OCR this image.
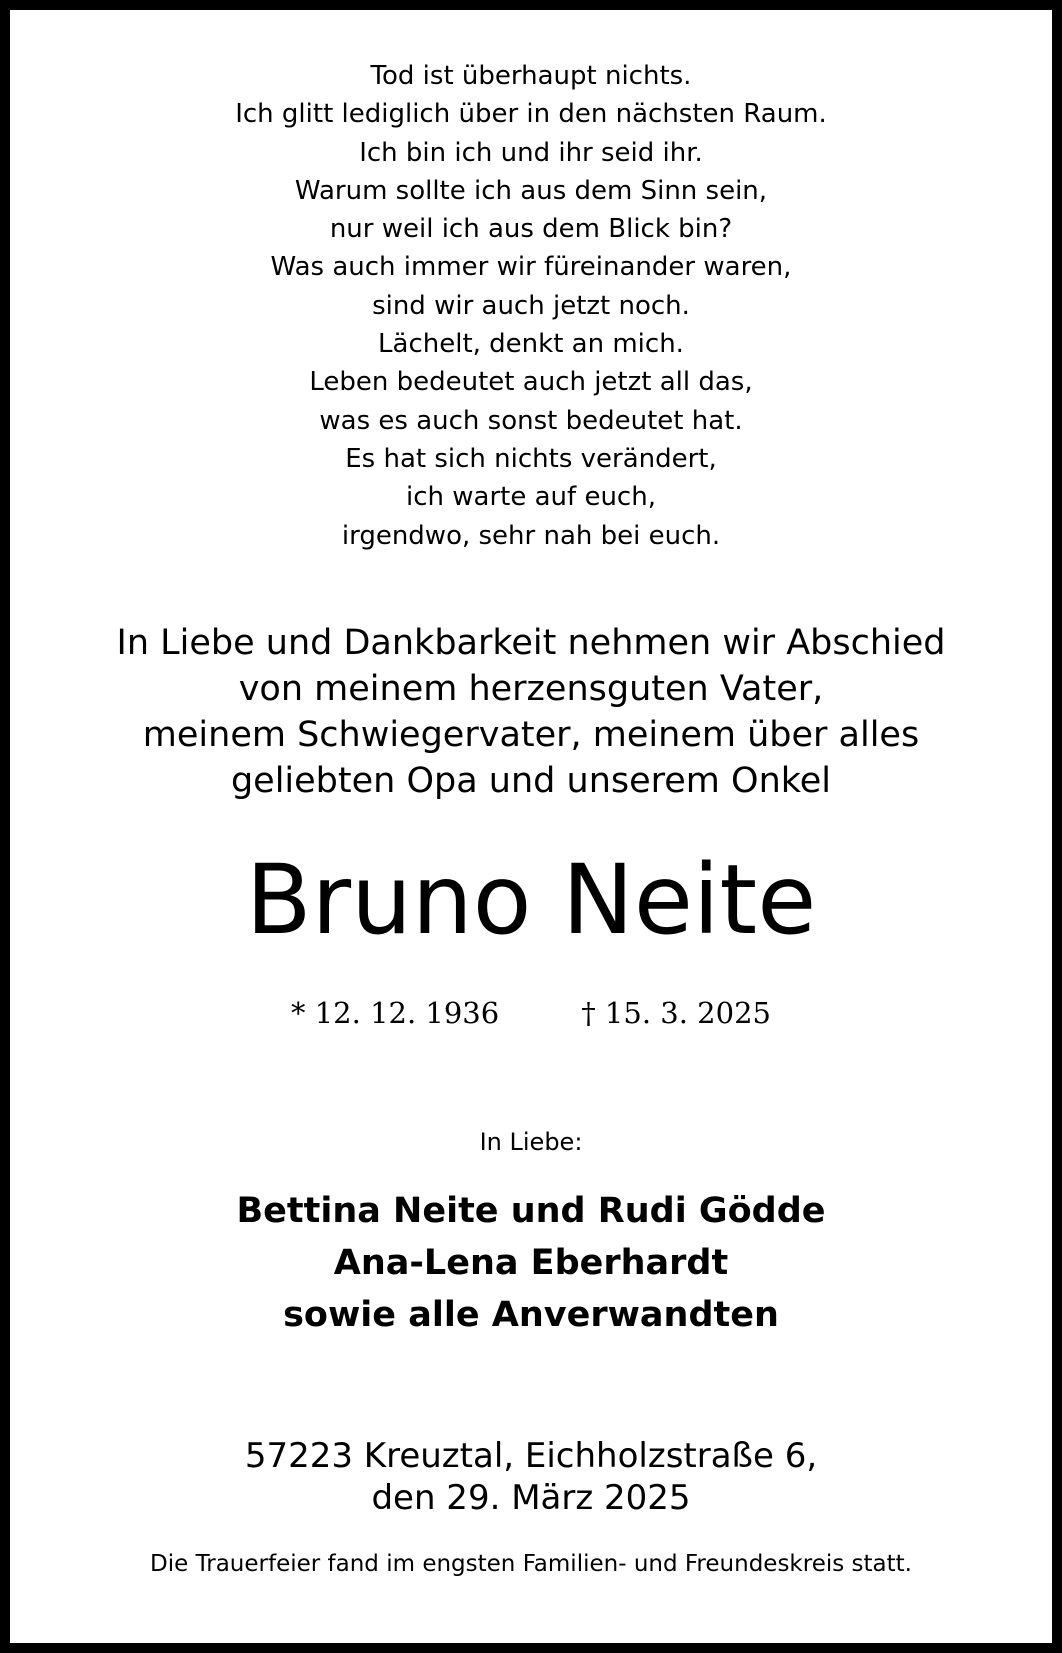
Tod ist überhaupt nichts.
Ich glitt lediglich über in den nächsten Raum.
Ich bin ich und ihr seid ihr.
Warum sollte ich aus dem Sinn sein,
nur weil ich aus dem Blick bin?
Was auch immer wir füreinander waren,
sind wir auch jetzt noch.
Lächelt, denkt an mich.
Leben bedeutet auch jetzt all das,
was es auch sonst bedeutet hat.
Es hat sich nichts verändert,
ich warte auf euch,
irgendwo, sehr nah bei euch.
In Liebe und Dankbarkeit nehmen wir Abschied
von meinem herzensguten Vater,
meinem Schwiegervater, meinem über alles
geliebten Opa und unserem Onkel
Bruno Neite
* 12. 12. 1936	† 15. 3. 2025
In Liebe:
Bettina Neite und Rudi Gödde
Ana-Lena Eberhardt
sowie alle Anverwandten
57223 Kreuztal, Eichholzstraße 6,
den 29. März 2025
Die Trauerfeier fand im engsten Familien- und Freundeskreis statt.
